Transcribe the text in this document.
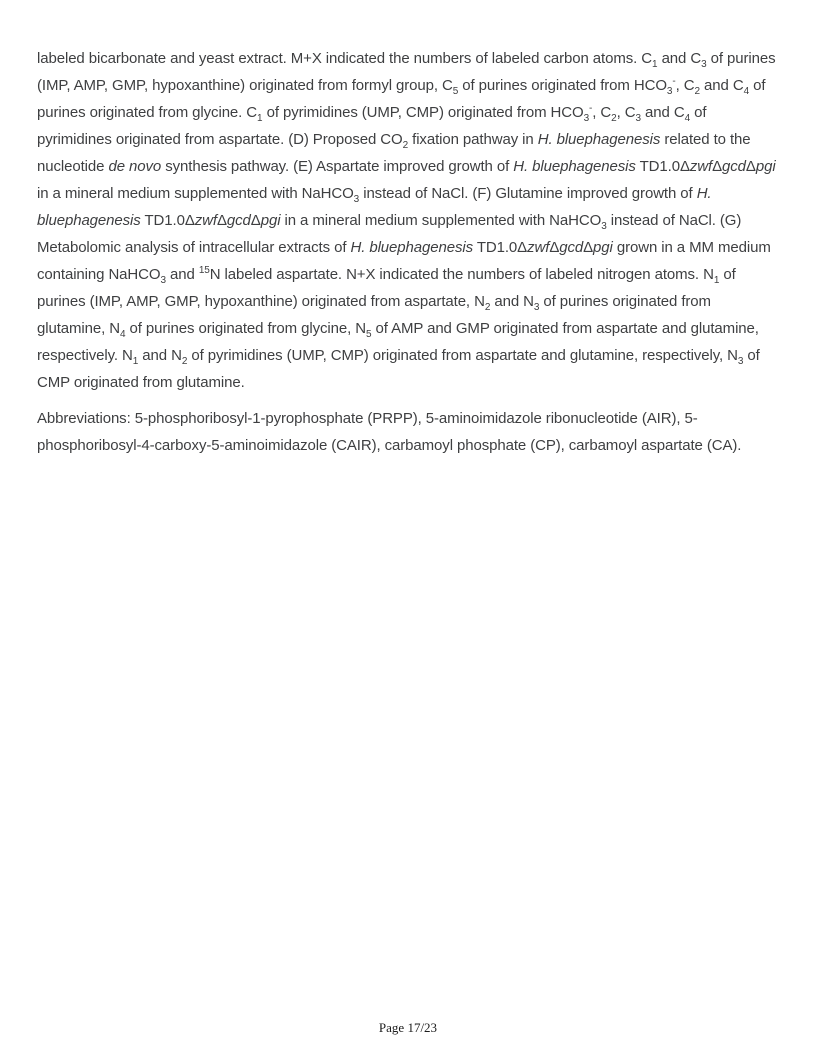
labeled bicarbonate and yeast extract. M+X indicated the numbers of labeled carbon atoms. $C_1$ and $C_3$ of purines (IMP, AMP, GMP, hypoxanthine) originated from formyl group, $C_5$ of purines originated from $HCO_3^-$, $C_2$ and $C_4$ of purines originated from glycine. $C_1$ of pyrimidines (UMP, CMP) originated from $HCO_3^-$, $C_2$, $C_3$ and $C_4$ of pyrimidines originated from aspartate. (D) Proposed $CO_2$ fixation pathway in H. bluephagenesis related to the nucleotide de novo synthesis pathway. (E) Aspartate improved growth of H. bluephagenesis TD1.0ΔzwfΔgcdΔpgi in a mineral medium supplemented with NaHCO$_3$ instead of NaCl. (F) Glutamine improved growth of H. bluephagenesis TD1.0ΔzwfΔgcdΔpgi in a mineral medium supplemented with NaHCO$_3$ instead of NaCl. (G) Metabolomic analysis of intracellular extracts of H. bluephagenesis TD1.0ΔzwfΔgcdΔpgi grown in a MM medium containing NaHCO$_3$ and $^{15}$N labeled aspartate. N+X indicated the numbers of labeled nitrogen atoms. $N_1$ of purines (IMP, AMP, GMP, hypoxanthine) originated from aspartate, $N_2$ and $N_3$ of purines originated from glutamine, $N_4$ of purines originated from glycine, $N_5$ of AMP and GMP originated from aspartate and glutamine, respectively. $N_1$ and $N_2$ of pyrimidines (UMP, CMP) originated from aspartate and glutamine, respectively, $N_3$ of CMP originated from glutamine.

Abbreviations: 5-phosphoribosyl-1-pyrophosphate (PRPP), 5-aminoimidazole ribonucleotide (AIR), 5-phosphoribosyl-4-carboxy-5-aminoimidazole (CAIR), carbamoyl phosphate (CP), carbamoyl aspartate (CA).

Page 17/23
